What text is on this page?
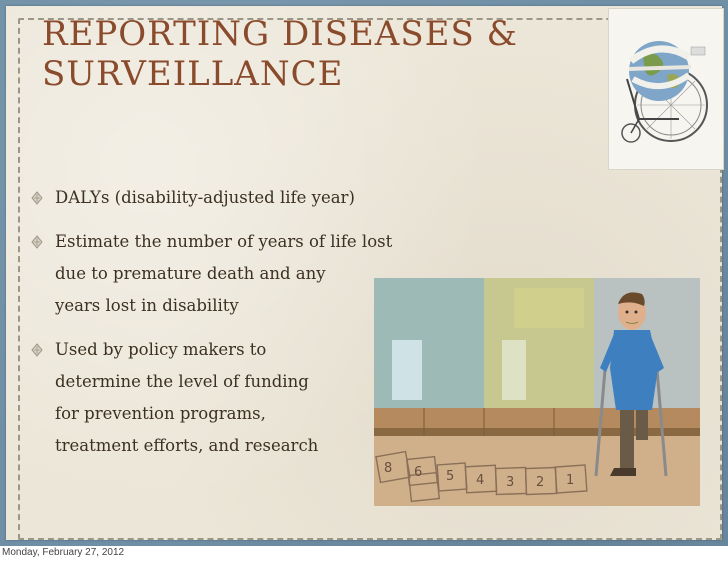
REPORTING DISEASES &
SURVEILLANCE
DALYs (disability-adjusted life year)
Estimate the number of years of life lost
due to premature death and any
years lost in disability
Used by policy makers to
determine the level of funding
for prevention programs,
treatment efforts, and research
8 6 5 4 3 2 1
Monday, February 27, 2012
